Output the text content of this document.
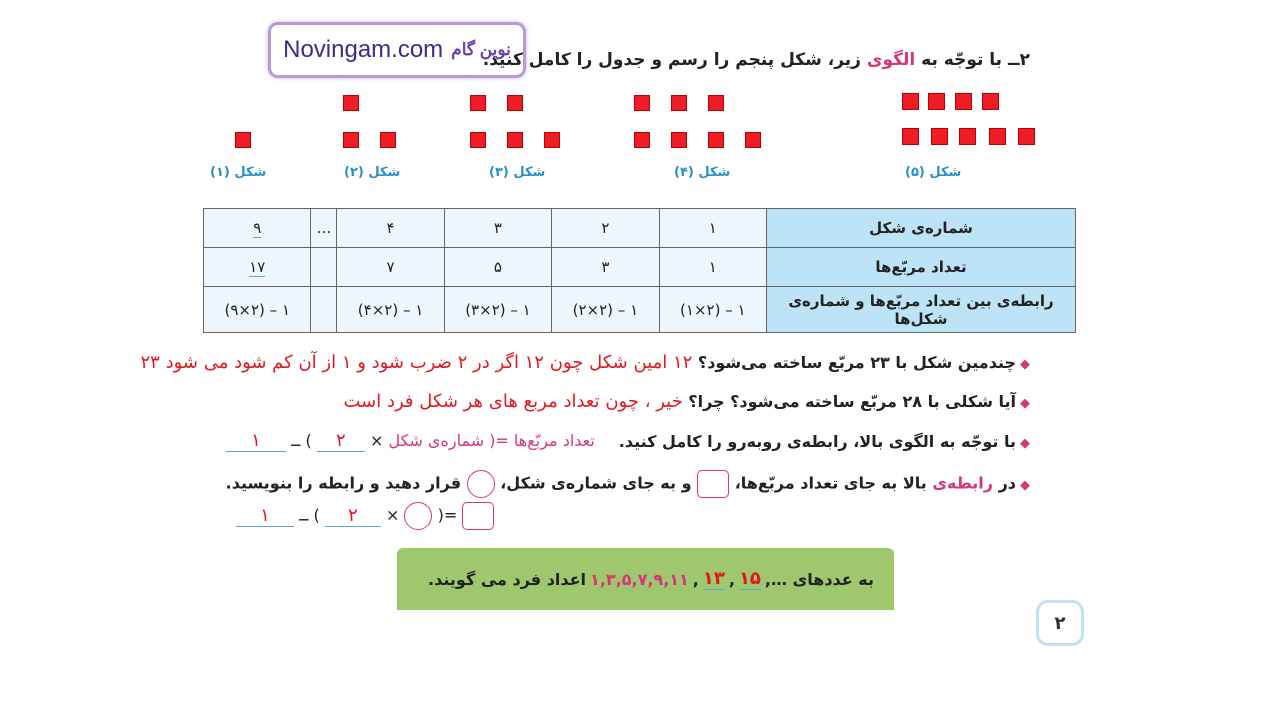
Novingam.com نوین گام
۲ــ با توجّه به الگوی زیر، شکل پنجم را رسم و جدول را کامل کنید.
شکل (۱)	شکل (۲)	شکل (۳)	شکل (۴)	شکل (۵)
شماره‌ی شکل	۱	۲	۳	۴	…	۹
تعداد مربّع‌ها	۱	۳	۵	۷		۱۷
رابطه‌ی بین تعداد مربّع‌ها و شماره‌ی شکل‌ها	۱ – (۲×۱)	۱ – (۲×۲)	۱ – (۲×۳)	۱ – (۲×۴)		۱ – (۲×۹)
◆چندمین شکل با ۲۳ مربّع ساخته می‌شود؟ ۱۲ امین شکل چون ۱۲ اگر در ۲ ضرب شود و ۱ از آن کم شود می شود ۲۳
◆آیا شکلی با ۲۸ مربّع ساخته می‌شود؟ چرا؟ خیر ، چون تعداد مربع های هر شکل فرد است
◆با توجّه به الگوی بالا، رابطه‌ی روبه‌رو را کامل کنید.
تعداد مربّع‌ها =( شماره‌ی شکل × ۲ ) ــ ۱
◆در رابطه‌ی بالا به جای تعداد مربّع‌ها،  و به جای شماره‌ی شکل،  قرار دهید و رابطه را بنویسید.
=(  × ۲ ) ــ ۱
به عددهای …,
۱۵
,
۱۳
,
۱,۳,۵,۷,۹,۱۱
اعداد فرد می گویند.
۲
